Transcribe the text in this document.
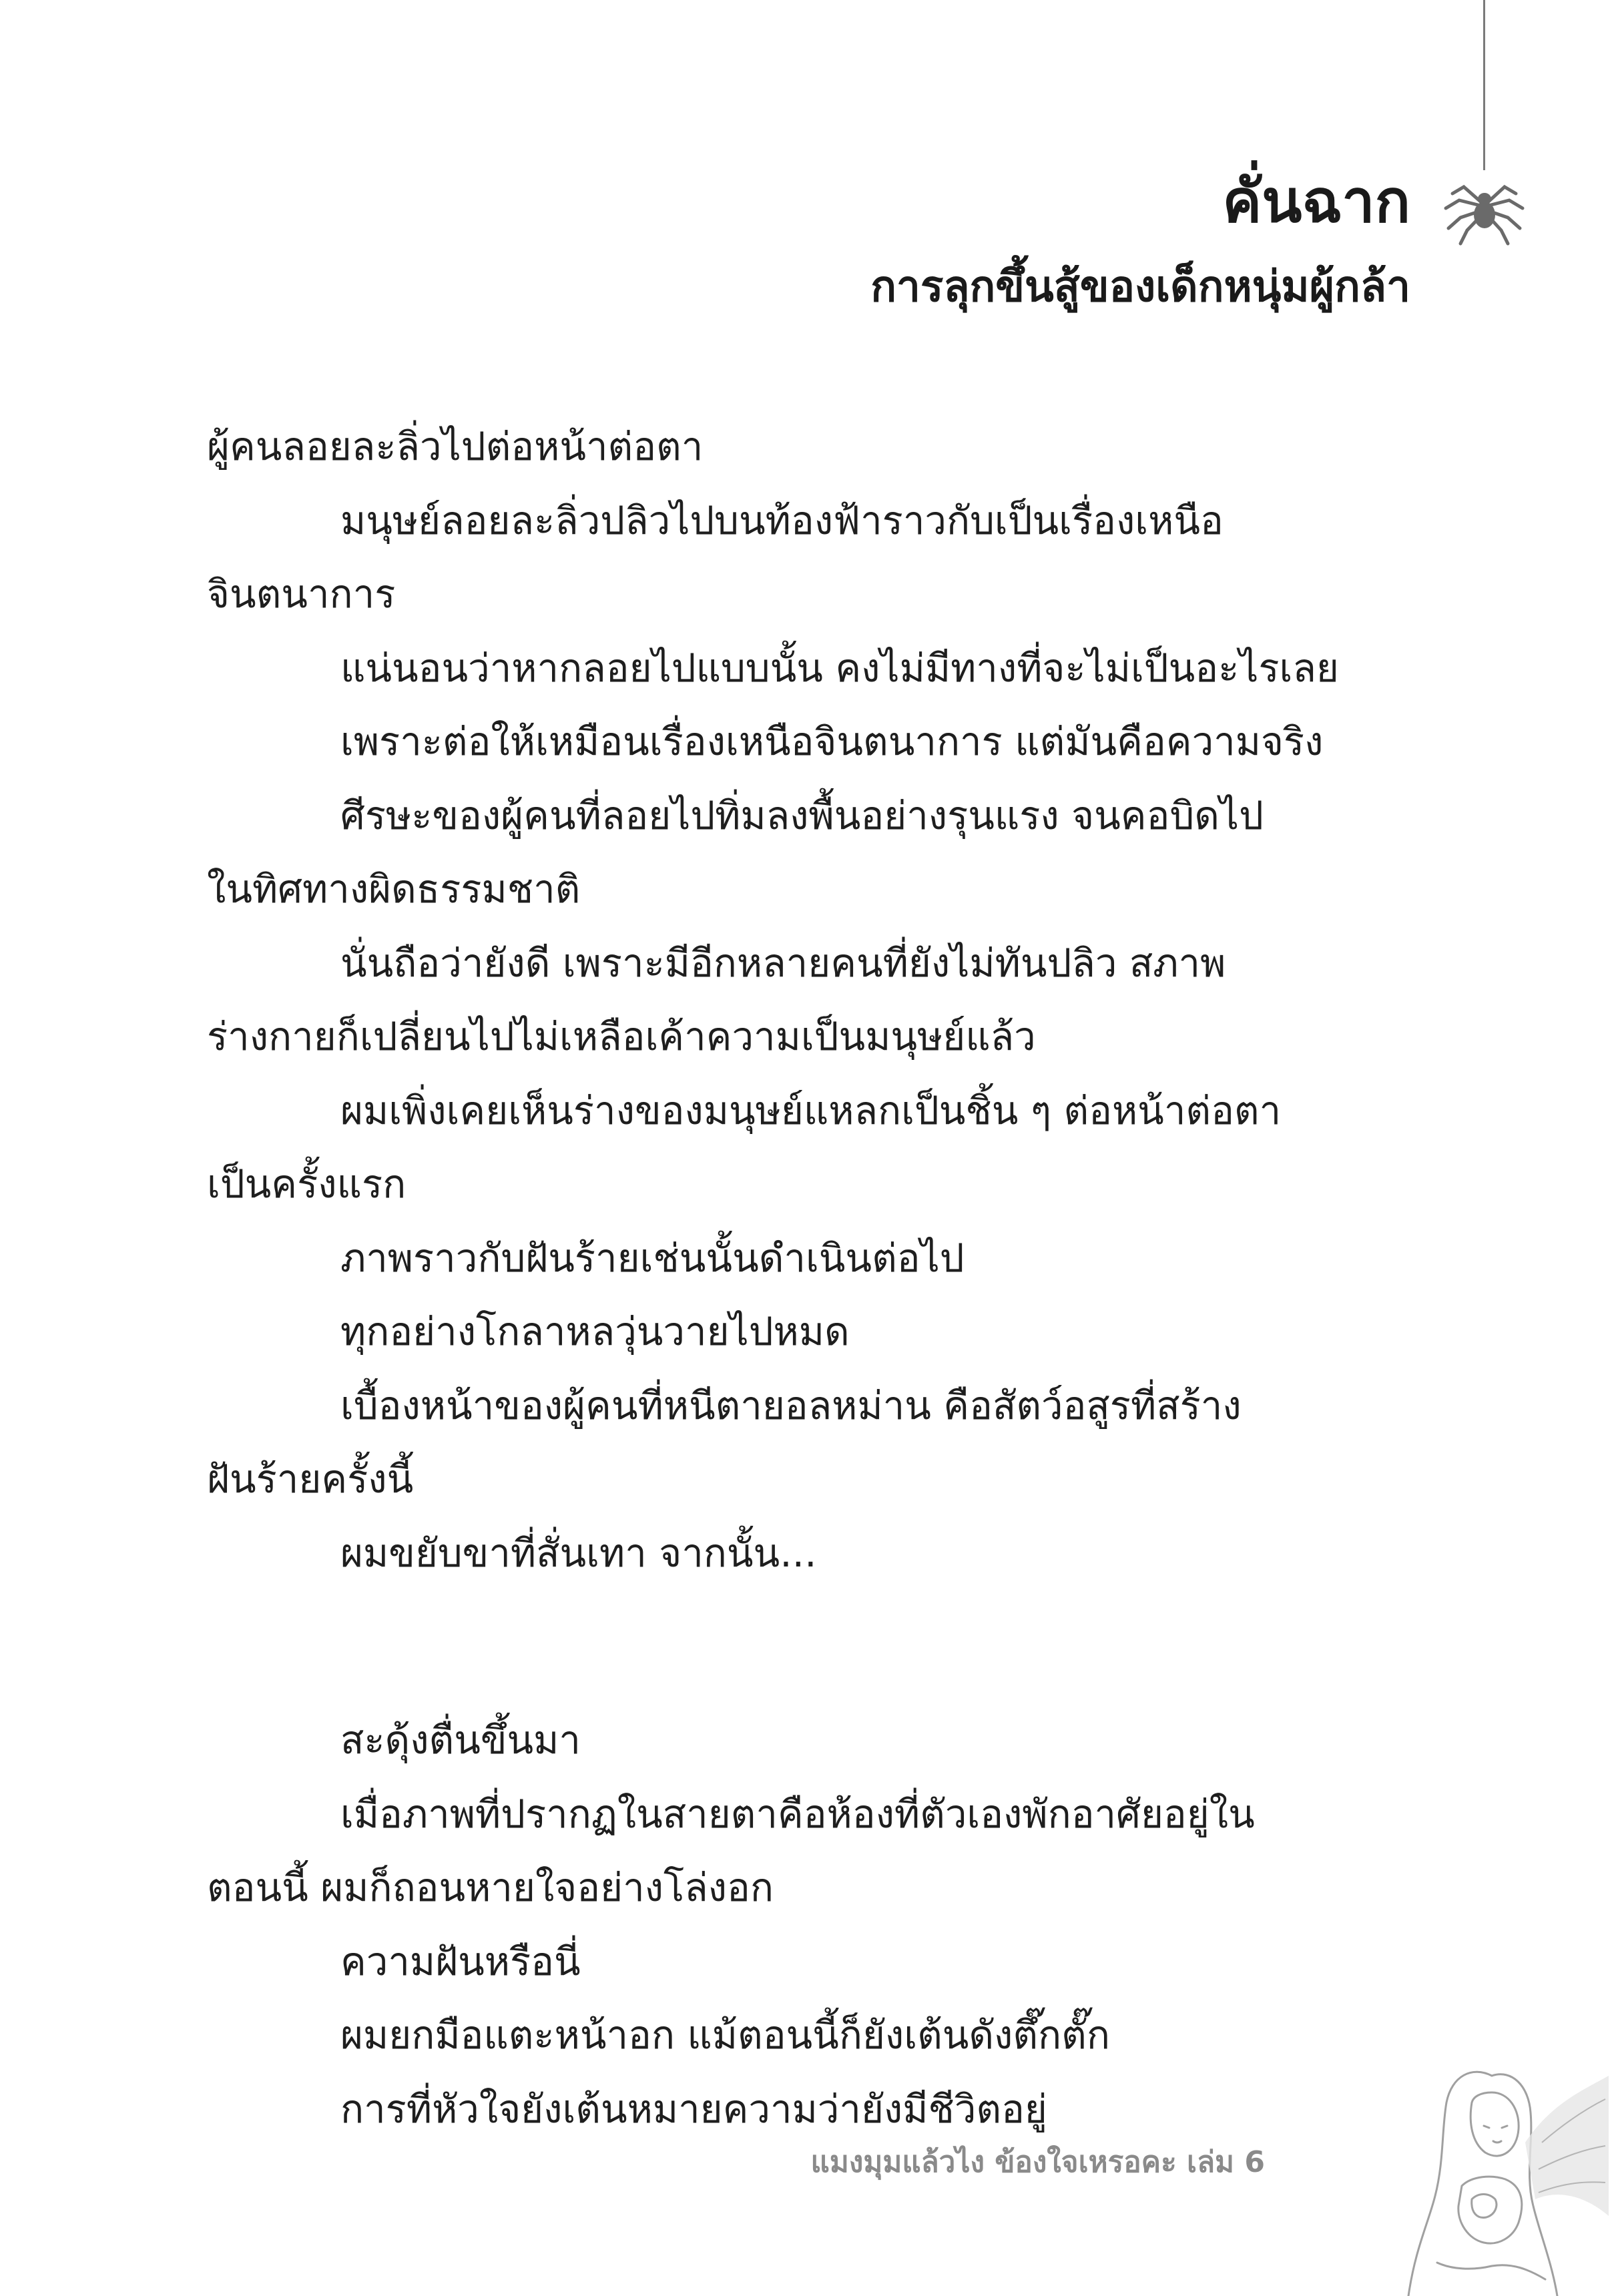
คั่นฉาก
การลุกขึ้นสู้ของเด็กหนุ่มผู้กล้า
ผู้คนลอยละลิ่วไปต่อหน้าต่อตา
มนุษย์ลอยละลิ่วปลิวไปบนท้องฟ้าราวกับเป็นเรื่องเหนือ
จินตนาการ
แน่นอนว่าหากลอยไปแบบนั้น คงไม่มีทางที่จะไม่เป็นอะไรเลย
เพราะต่อให้เหมือนเรื่องเหนือจินตนาการ แต่มันคือความจริง
ศีรษะของผู้คนที่ลอยไปทิ่มลงพื้นอย่างรุนแรง จนคอบิดไป
ในทิศทางผิดธรรมชาติ
นั่นถือว่ายังดี เพราะมีอีกหลายคนที่ยังไม่ทันปลิว สภาพ
ร่างกายก็เปลี่ยนไปไม่เหลือเค้าความเป็นมนุษย์แล้ว
ผมเพิ่งเคยเห็นร่างของมนุษย์แหลกเป็นชิ้น ๆ ต่อหน้าต่อตา
เป็นครั้งแรก
ภาพราวกับฝันร้ายเช่นนั้นดำเนินต่อไป
ทุกอย่างโกลาหลวุ่นวายไปหมด
เบื้องหน้าของผู้คนที่หนีตายอลหม่าน คือสัตว์อสูรที่สร้าง
ฝันร้ายครั้งนี้
ผมขยับขาที่สั่นเทา จากนั้น...
สะดุ้งตื่นขึ้นมา
เมื่อภาพที่ปรากฏในสายตาคือห้องที่ตัวเองพักอาศัยอยู่ใน
ตอนนี้ ผมก็ถอนหายใจอย่างโล่งอก
ความฝันหรือนี่
ผมยกมือแตะหน้าอก แม้ตอนนี้ก็ยังเต้นดังตึ๊กตั๊ก
การที่หัวใจยังเต้นหมายความว่ายังมีชีวิตอยู่
แมงมุมแล้วไง ข้องใจเหรอคะ เล่ม 6
